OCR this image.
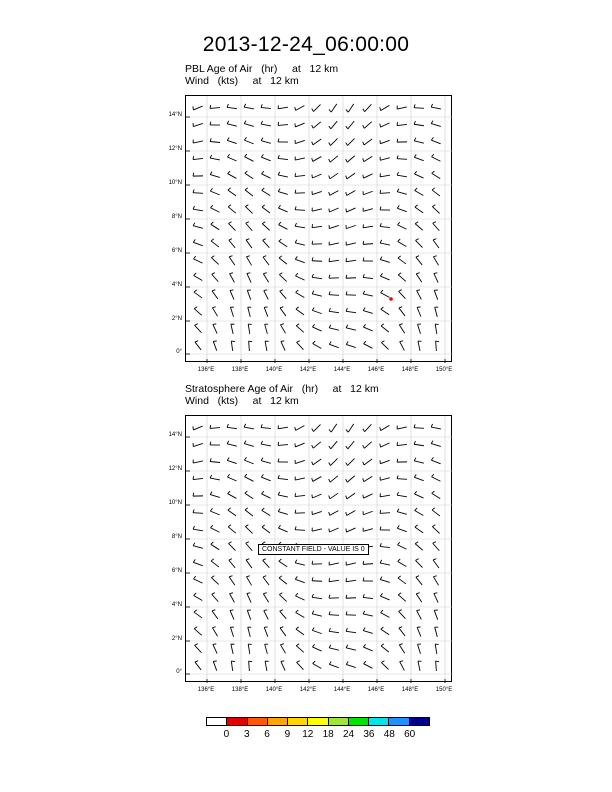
2013-12-24_06:00:00
PBL Age of Air   (hr)     at   12 km
Wind   (kts)     at   12 km
Stratosphere Age of Air   (hr)     at   12 km
Wind   (kts)     at   12 km
CONSTANT FIELD - VALUE IS 0
14°N
12°N
10°N
8°N
6°N
4°N
2°N
0°
136°E	138°E	140°E	142°E	144°E	146°E	148°E	150°E
14°N
12°N
10°N
8°N
6°N
4°N
2°N
0°
136°E	138°E	140°E	142°E	144°E	146°E	148°E	150°E
0	3	6	9	12 18 24 36 48 60
